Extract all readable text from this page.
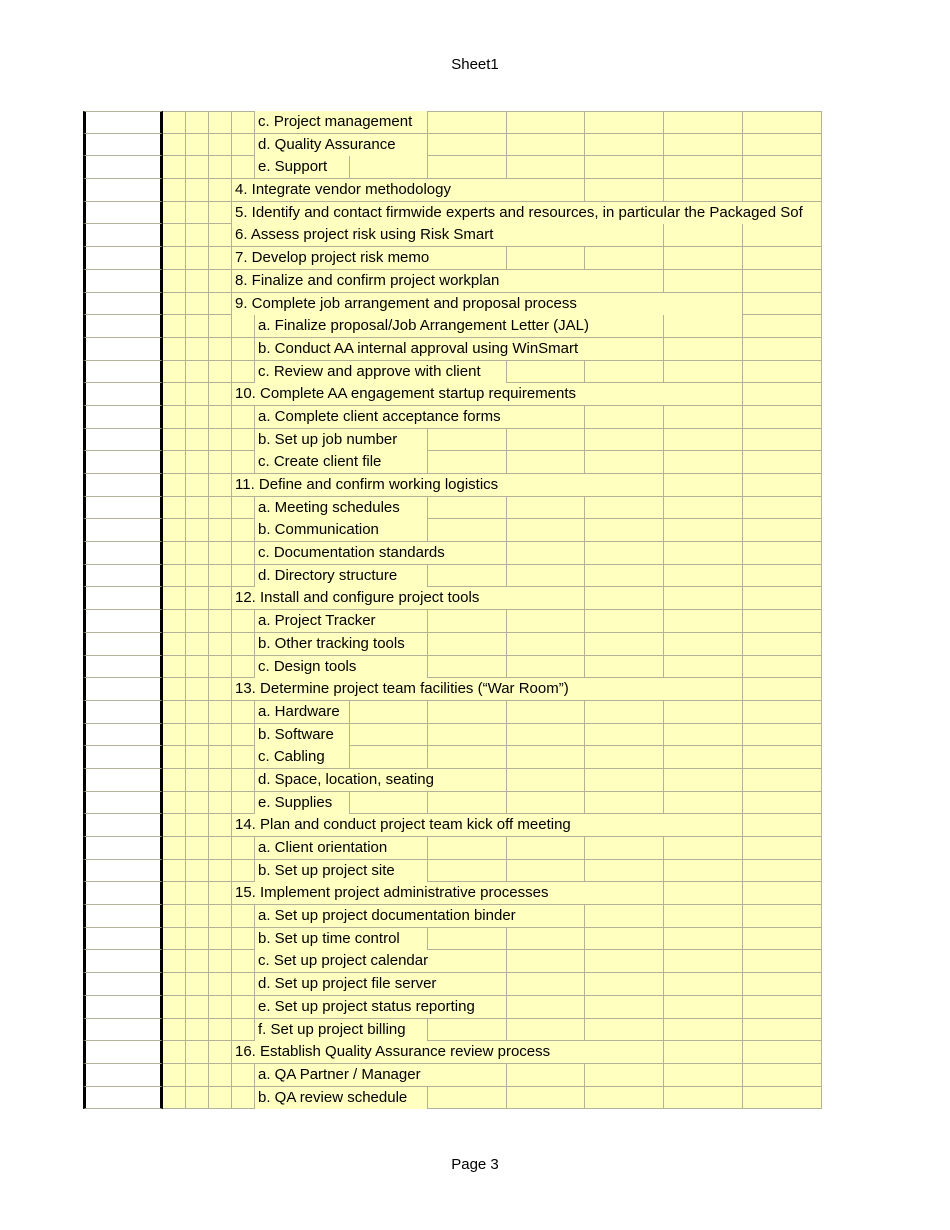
Sheet1
c. Project management
d. Quality Assurance
e. Support
4. Integrate vendor methodology
5. Identify and contact firmwide experts and resources, in particular the Packaged Sof
6. Assess project risk using Risk Smart
7. Develop project risk memo
8. Finalize and confirm project workplan
9. Complete job arrangement and proposal process
a. Finalize proposal/Job Arrangement Letter (JAL)
b. Conduct AA internal approval using WinSmart
c. Review and approve with client
10. Complete AA engagement startup requirements
a. Complete client acceptance forms
b. Set up job number
c. Create client file
11. Define and confirm working logistics
a. Meeting schedules
b. Communication
c. Documentation standards
d. Directory structure
12. Install and configure project tools
a. Project Tracker
b. Other tracking tools
c. Design tools
13. Determine project team facilities (“War Room”)
a. Hardware
b. Software
c. Cabling
d. Space, location, seating
e. Supplies
14. Plan and conduct project team kick off meeting
a. Client orientation
b. Set up project site
15. Implement project administrative processes
a. Set up project documentation binder
b. Set up time control
c. Set up project calendar
d. Set up project file server
e. Set up project status reporting
f. Set up project billing
16. Establish Quality Assurance review process
a. QA Partner / Manager
b. QA review schedule
Page 3
